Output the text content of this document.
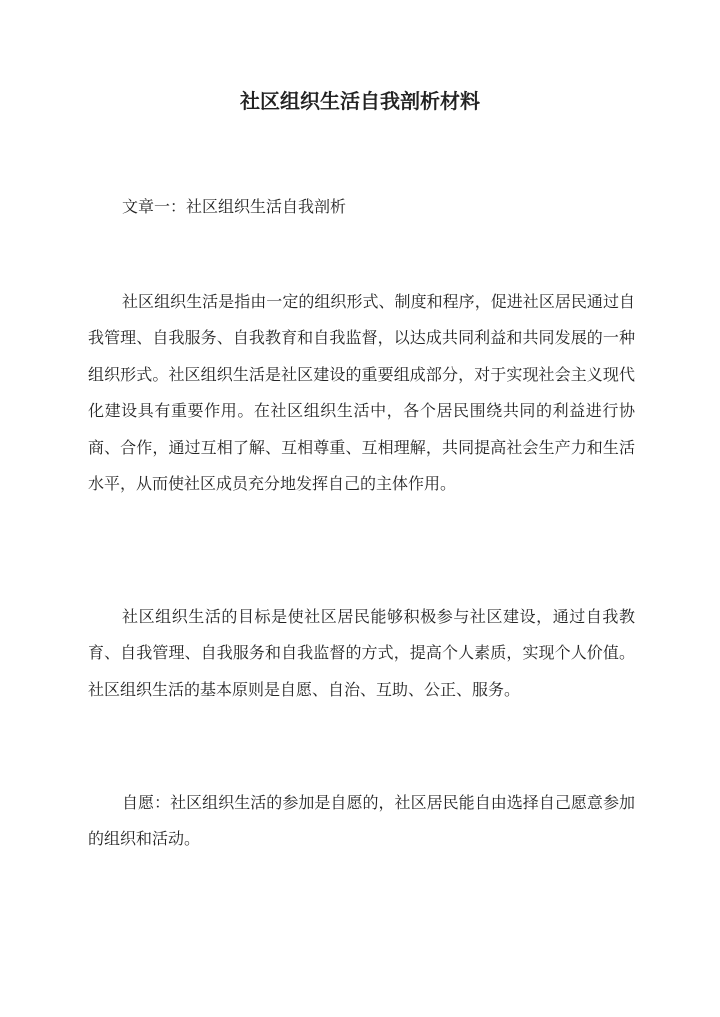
社区组织生活自我剖析材料
文章一：社区组织生活自我剖析

社区组织生活是指由一定的组织形式、制度和程序，促进社区居民通过自我管理、自我服务、自我教育和自我监督，以达成共同利益和共同发展的一种组织形式。社区组织生活是社区建设的重要组成部分，对于实现社会主义现代化建设具有重要作用。在社区组织生活中，各个居民围绕共同的利益进行协商、合作，通过互相了解、互相尊重、互相理解，共同提高社会生产力和生活水平，从而使社区成员充分地发挥自己的主体作用。

社区组织生活的目标是使社区居民能够积极参与社区建设，通过自我教育、自我管理、自我服务和自我监督的方式，提高个人素质，实现个人价值。社区组织生活的基本原则是自愿、自治、互助、公正、服务。

自愿：社区组织生活的参加是自愿的，社区居民能自由选择自己愿意参加的组织和活动。
